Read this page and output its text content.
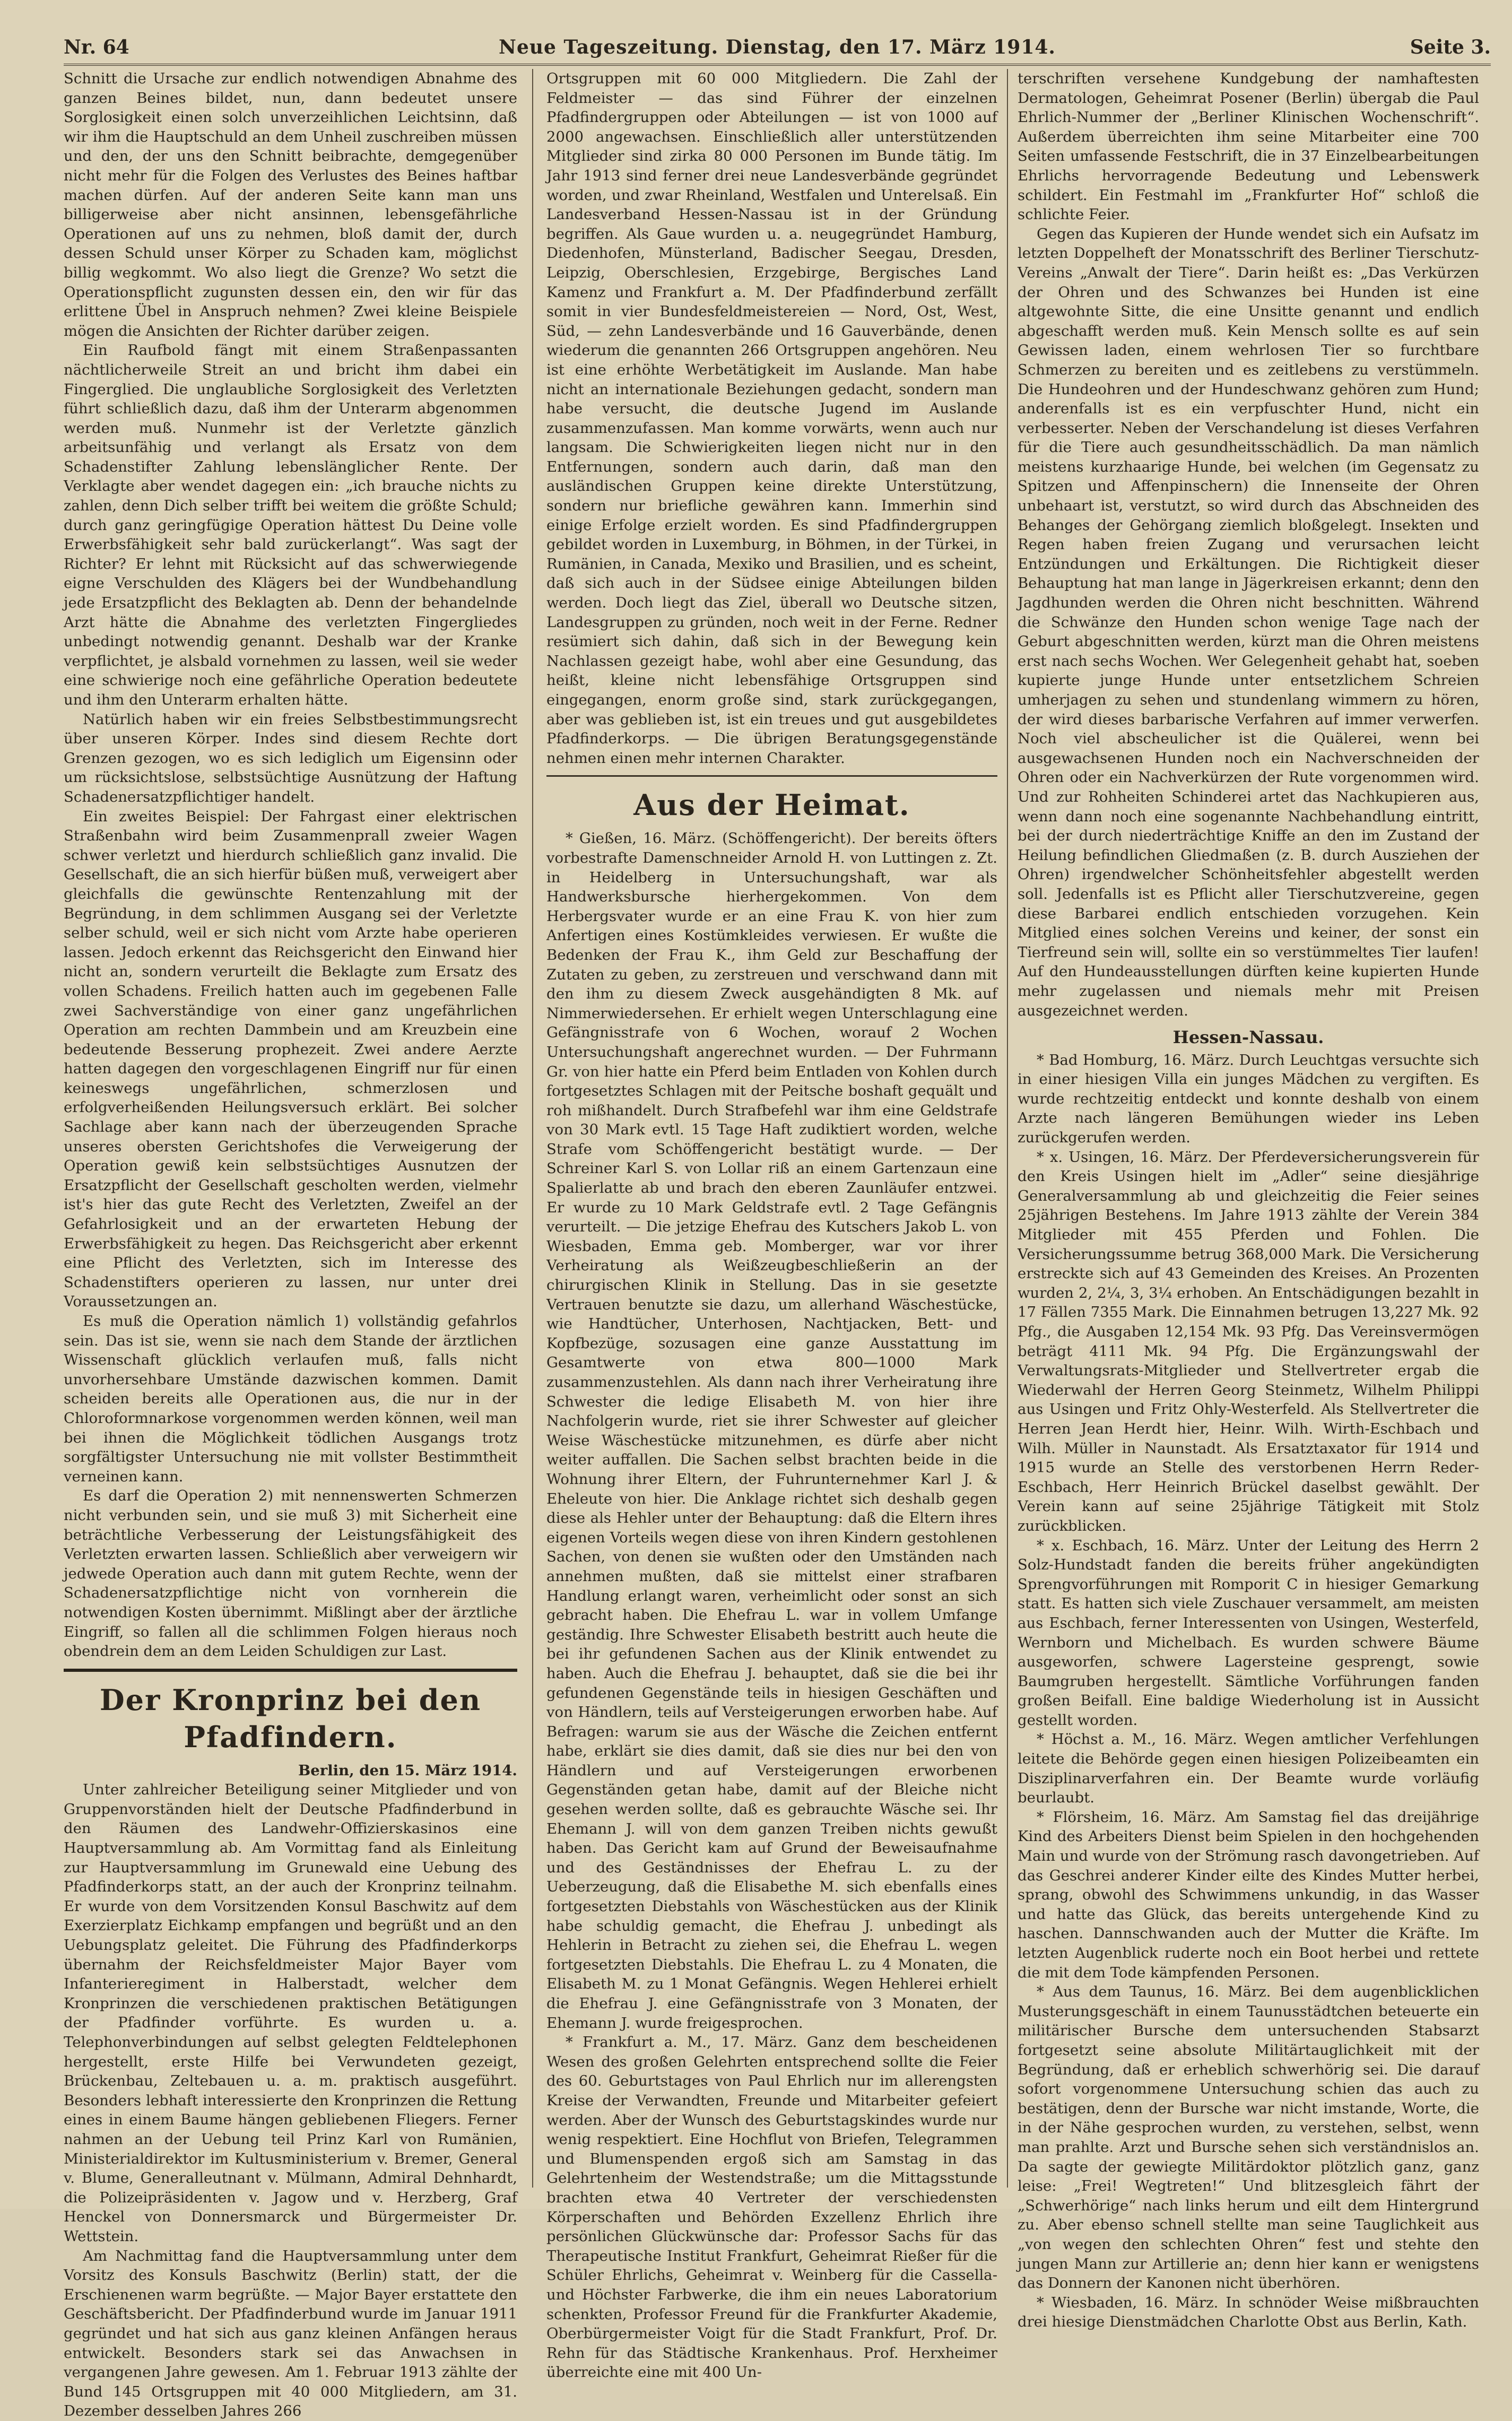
Nr. 64	Neue Tageszeitung. Dienstag, den 17. März 1914.	Seite 3.

Schnitt die Ursache zur endlich notwendigen Abnahme des ganzen Beines bildet, nun, dann bedeutet unsere Sorglosigkeit einen solch unverzeihlichen Leichtsinn, daß wir ihm die Hauptschuld an dem Unheil zuschreiben müssen und den, der uns den Schnitt beibrachte, demgegenüber nicht mehr für die Folgen des Verlustes des Beines haftbar machen dürfen. Auf der anderen Seite kann man uns billigerweise aber nicht ansinnen, lebensgefährliche Operationen auf uns zu nehmen, bloß damit der, durch dessen Schuld unser Körper zu Schaden kam, möglichst billig wegkommt. Wo also liegt die Grenze? Wo setzt die Operationspflicht zugunsten dessen ein, den wir für das erlittene Übel in Anspruch nehmen? Zwei kleine Beispiele mögen die Ansichten der Richter darüber zeigen.

Ein Raufbold fängt mit einem Straßenpassanten nächtlicherweile Streit an und bricht ihm dabei ein Fingerglied. Die unglaubliche Sorglosigkeit des Verletzten führt schließlich dazu, daß ihm der Unterarm abgenommen werden muß. Nunmehr ist der Verletzte gänzlich arbeitsunfähig und verlangt als Ersatz von dem Schadenstifter Zahlung lebenslänglicher Rente. Der Verklagte aber wendet dagegen ein: „ich brauche nichts zu zahlen, denn Dich selber trifft bei weitem die größte Schuld; durch ganz geringfügige Operation hättest Du Deine volle Erwerbsfähigkeit sehr bald zurückerlangt“. Was sagt der Richter? Er lehnt mit Rücksicht auf das schwerwiegende eigne Verschulden des Klägers bei der Wundbehandlung jede Ersatzpflicht des Beklagten ab. Denn der behandelnde Arzt hätte die Abnahme des verletzten Fingergliedes unbedingt notwendig genannt. Deshalb war der Kranke verpflichtet, je alsbald vornehmen zu lassen, weil sie weder eine schwierige noch eine gefährliche Operation bedeutete und ihm den Unterarm erhalten hätte.

Natürlich haben wir ein freies Selbstbestimmungsrecht über unseren Körper. Indes sind diesem Rechte dort Grenzen gezogen, wo es sich lediglich um Eigensinn oder um rücksichtslose, selbstsüchtige Ausnützung der Haftung Schadenersatzpflichtiger handelt.

Ein zweites Beispiel: Der Fahrgast einer elektrischen Straßenbahn wird beim Zusammenprall zweier Wagen schwer verletzt und hierdurch schließlich ganz invalid. Die Gesellschaft, die an sich hierfür büßen muß, verweigert aber gleichfalls die gewünschte Rentenzahlung mit der Begründung, in dem schlimmen Ausgang sei der Verletzte selber schuld, weil er sich nicht vom Arzte habe operieren lassen. Jedoch erkennt das Reichsgericht den Einwand hier nicht an, sondern verurteilt die Beklagte zum Ersatz des vollen Schadens. Freilich hatten auch im gegebenen Falle zwei Sachverständige von einer ganz ungefährlichen Operation am rechten Dammbein und am Kreuzbein eine bedeutende Besserung prophezeit. Zwei andere Aerzte hatten dagegen den vorgeschlagenen Eingriff nur für einen keineswegs ungefährlichen, schmerzlosen und erfolgverheißenden Heilungsversuch erklärt. Bei solcher Sachlage aber kann nach der überzeugenden Sprache unseres obersten Gerichtshofes die Verweigerung der Operation gewiß kein selbstsüchtiges Ausnutzen der Ersatzpflicht der Gesellschaft gescholten werden, vielmehr ist's hier das gute Recht des Verletzten, Zweifel an der Gefahrlosigkeit und an der erwarteten Hebung der Erwerbsfähigkeit zu hegen. Das Reichsgericht aber erkennt eine Pflicht des Verletzten, sich im Interesse des Schadenstifters operieren zu lassen, nur unter drei Voraussetzungen an.

Es muß die Operation nämlich 1) vollständig gefahrlos sein. Das ist sie, wenn sie nach dem Stande der ärztlichen Wissenschaft glücklich verlaufen muß, falls nicht unvorhersehbare Umstände dazwischen kommen. Damit scheiden bereits alle Operationen aus, die nur in der Chloroformnarkose vorgenommen werden können, weil man bei ihnen die Möglichkeit tödlichen Ausgangs trotz sorgfältigster Untersuchung nie mit vollster Bestimmtheit verneinen kann.

Es darf die Operation 2) mit nennenswerten Schmerzen nicht verbunden sein, und sie muß 3) mit Sicherheit eine beträchtliche Verbesserung der Leistungsfähigkeit des Verletzten erwarten lassen. Schließlich aber verweigern wir jedwede Operation auch dann mit gutem Rechte, wenn der Schadenersatzpflichtige nicht von vornherein die notwendigen Kosten übernimmt. Mißlingt aber der ärztliche Eingriff, so fallen all die schlimmen Folgen hieraus noch obendrein dem an dem Leiden Schuldigen zur Last.

Der Kronprinz bei den Pfadfindern.

Berlin, den 15. März 1914.

Unter zahlreicher Beteiligung seiner Mitglieder und von Gruppenvorständen hielt der Deutsche Pfadfinderbund in den Räumen des Landwehr-Offizierskasinos eine Hauptversammlung ab. Am Vormittag fand als Einleitung zur Hauptversammlung im Grunewald eine Uebung des Pfadfinderkorps statt, an der auch der Kronprinz teilnahm. Er wurde von dem Vorsitzenden Konsul Baschwitz auf dem Exerzierplatz Eichkamp empfangen und begrüßt und an den Uebungsplatz geleitet. Die Führung des Pfadfinderkorps übernahm der Reichsfeldmeister Major Bayer vom Infanterieregiment in Halberstadt, welcher dem Kronprinzen die verschiedenen praktischen Betätigungen der Pfadfinder vorführte. Es wurden u. a. Telephonverbindungen auf selbst gelegten Feldtelephonen hergestellt, erste Hilfe bei Verwundeten gezeigt, Brückenbau, Zeltebauen u. a. m. praktisch ausgeführt. Besonders lebhaft interessierte den Kronprinzen die Rettung eines in einem Baume hängen gebliebenen Fliegers. Ferner nahmen an der Uebung teil Prinz Karl von Rumänien, Ministerialdirektor im Kultusministerium v. Bremer, General v. Blume, Generalleutnant v. Mülmann, Admiral Dehnhardt, die Polizeipräsidenten v. Jagow und v. Herzberg, Graf Henckel von Donnersmarck und Bürgermeister Dr. Wettstein.

Am Nachmittag fand die Hauptversammlung unter dem Vorsitz des Konsuls Baschwitz (Berlin) statt, der die Erschienenen warm begrüßte. — Major Bayer erstattete den Geschäftsbericht. Der Pfadfinderbund wurde im Januar 1911 gegründet und hat sich aus ganz kleinen Anfängen heraus entwickelt. Besonders stark sei das Anwachsen in vergangenen Jahre gewesen. Am 1. Februar 1913 zählte der Bund 145 Ortsgruppen mit 40 000 Mitgliedern, am 31. Dezember desselben Jahres 266

Ortsgruppen mit 60 000 Mitgliedern. Die Zahl der Feldmeister — das sind Führer der einzelnen Pfadfindergruppen oder Abteilungen — ist von 1000 auf 2000 angewachsen. Einschließlich aller unterstützenden Mitglieder sind zirka 80 000 Personen im Bunde tätig. Im Jahr 1913 sind ferner drei neue Landesverbände gegründet worden, und zwar Rheinland, Westfalen und Unterelsaß. Ein Landesverband Hessen-Nassau ist in der Gründung begriffen. Als Gaue wurden u. a. neugegründet Hamburg, Diedenhofen, Münsterland, Badischer Seegau, Dresden, Leipzig, Oberschlesien, Erzgebirge, Bergisches Land Kamenz und Frankfurt a. M. Der Pfadfinderbund zerfällt somit in vier Bundesfeldmeistereien — Nord, Ost, West, Süd, — zehn Landesverbände und 16 Gauverbände, denen wiederum die genannten 266 Ortsgruppen angehören. Neu ist eine erhöhte Werbetätigkeit im Auslande. Man habe nicht an internationale Beziehungen gedacht, sondern man habe versucht, die deutsche Jugend im Auslande zusammenzufassen. Man komme vorwärts, wenn auch nur langsam. Die Schwierigkeiten liegen nicht nur in den Entfernungen, sondern auch darin, daß man den ausländischen Gruppen keine direkte Unterstützung, sondern nur briefliche gewähren kann. Immerhin sind einige Erfolge erzielt worden. Es sind Pfadfindergruppen gebildet worden in Luxemburg, in Böhmen, in der Türkei, in Rumänien, in Canada, Mexiko und Brasilien, und es scheint, daß sich auch in der Südsee einige Abteilungen bilden werden. Doch liegt das Ziel, überall wo Deutsche sitzen, Landesgruppen zu gründen, noch weit in der Ferne. Redner resümiert sich dahin, daß sich in der Bewegung kein Nachlassen gezeigt habe, wohl aber eine Gesundung, das heißt, kleine nicht lebensfähige Ortsgruppen sind eingegangen, enorm große sind, stark zurückgegangen, aber was geblieben ist, ist ein treues und gut ausgebildetes Pfadfinderkorps. — Die übrigen Beratungsgegenstände nehmen einen mehr internen Charakter.

Aus der Heimat.

* Gießen, 16. März. (Schöffengericht). Der bereits öfters vorbestrafte Damenschneider Arnold H. von Luttingen z. Zt. in Heidelberg in Untersuchungshaft, war als Handwerksbursche hierhergekommen. Von dem Herbergsvater wurde er an eine Frau K. von hier zum Anfertigen eines Kostümkleides verwiesen. Er wußte die Bedenken der Frau K., ihm Geld zur Beschaffung der Zutaten zu geben, zu zerstreuen und verschwand dann mit den ihm zu diesem Zweck ausgehändigten 8 Mk. auf Nimmerwiedersehen. Er erhielt wegen Unterschlagung eine Gefängnisstrafe von 6 Wochen, worauf 2 Wochen Untersuchungshaft angerechnet wurden. — Der Fuhrmann Gr. von hier hatte ein Pferd beim Entladen von Kohlen durch fortgesetztes Schlagen mit der Peitsche boshaft gequält und roh mißhandelt. Durch Strafbefehl war ihm eine Geldstrafe von 30 Mark evtl. 15 Tage Haft zudiktiert worden, welche Strafe vom Schöffengericht bestätigt wurde. — Der Schreiner Karl S. von Lollar riß an einem Gartenzaun eine Spalierlatte ab und brach den eberen Zaunläufer entzwei. Er wurde zu 10 Mark Geldstrafe evtl. 2 Tage Gefängnis verurteilt. — Die jetzige Ehefrau des Kutschers Jakob L. von Wiesbaden, Emma geb. Momberger, war vor ihrer Verheiratung als Weißzeugbeschließerin an der chirurgischen Klinik in Stellung. Das in sie gesetzte Vertrauen benutzte sie dazu, um allerhand Wäschestücke, wie Handtücher, Unterhosen, Nachtjacken, Bett- und Kopfbezüge, sozusagen eine ganze Ausstattung im Gesamtwerte von etwa 800—1000 Mark zusammenzustehlen. Als dann nach ihrer Verheiratung ihre Schwester die ledige Elisabeth M. von hier ihre Nachfolgerin wurde, riet sie ihrer Schwester auf gleicher Weise Wäschestücke mitzunehmen, es dürfe aber nicht weiter auffallen. Die Sachen selbst brachten beide in die Wohnung ihrer Eltern, der Fuhrunternehmer Karl J. & Eheleute von hier. Die Anklage richtet sich deshalb gegen diese als Hehler unter der Behauptung: daß die Eltern ihres eigenen Vorteils wegen diese von ihren Kindern gestohlenen Sachen, von denen sie wußten oder den Umständen nach annehmen mußten, daß sie mittelst einer strafbaren Handlung erlangt waren, verheimlicht oder sonst an sich gebracht haben. Die Ehefrau L. war in vollem Umfange geständig. Ihre Schwester Elisabeth bestritt auch heute die bei ihr gefundenen Sachen aus der Klinik entwendet zu haben. Auch die Ehefrau J. behauptet, daß sie die bei ihr gefundenen Gegenstände teils in hiesigen Geschäften und von Händlern, teils auf Versteigerungen erworben habe. Auf Befragen: warum sie aus der Wäsche die Zeichen entfernt habe, erklärt sie dies damit, daß sie dies nur bei den von Händlern und auf Versteigerungen erworbenen Gegenständen getan habe, damit auf der Bleiche nicht gesehen werden sollte, daß es gebrauchte Wäsche sei. Ihr Ehemann J. will von dem ganzen Treiben nichts gewußt haben. Das Gericht kam auf Grund der Beweisaufnahme und des Geständnisses der Ehefrau L. zu der Ueberzeugung, daß die Elisabethe M. sich ebenfalls eines fortgesetzten Diebstahls von Wäschestücken aus der Klinik habe schuldig gemacht, die Ehefrau J. unbedingt als Hehlerin in Betracht zu ziehen sei, die Ehefrau L. wegen fortgesetzten Diebstahls. Die Ehefrau L. zu 4 Monaten, die Elisabeth M. zu 1 Monat Gefängnis. Wegen Hehlerei erhielt die Ehefrau J. eine Gefängnisstrafe von 3 Monaten, der Ehemann J. wurde freigesprochen.

* Frankfurt a. M., 17. März. Ganz dem bescheidenen Wesen des großen Gelehrten entsprechend sollte die Feier des 60. Geburtstages von Paul Ehrlich nur im allerengsten Kreise der Verwandten, Freunde und Mitarbeiter gefeiert werden. Aber der Wunsch des Geburtstagskindes wurde nur wenig respektiert. Eine Hochflut von Briefen, Telegrammen und Blumenspenden ergoß sich am Samstag in das Gelehrtenheim der Westendstraße; um die Mittagsstunde brachten etwa 40 Vertreter der verschiedensten Körperschaften und Behörden Exzellenz Ehrlich ihre persönlichen Glückwünsche dar: Professor Sachs für das Therapeutische Institut Frankfurt, Geheimrat Rießer für die Schüler Ehrlichs, Geheimrat v. Weinberg für die Cassella- und Höchster Farbwerke, die ihm ein neues Laboratorium schenkten, Professor Freund für die Frankfurter Akademie, Oberbürgermeister Voigt für die Stadt Frankfurt, Prof. Dr. Rehn für das Städtische Krankenhaus. Prof. Herxheimer überreichte eine mit 400 Un-

terschriften versehene Kundgebung der namhaftesten Dermatologen, Geheimrat Posener (Berlin) übergab die Paul Ehrlich-Nummer der „Berliner Klinischen Wochenschrift“. Außerdem überreichten ihm seine Mitarbeiter eine 700 Seiten umfassende Festschrift, die in 37 Einzelbearbeitungen Ehrlichs hervorragende Bedeutung und Lebenswerk schildert. Ein Festmahl im „Frankfurter Hof“ schloß die schlichte Feier.

Gegen das Kupieren der Hunde wendet sich ein Aufsatz im letzten Doppelheft der Monatsschrift des Berliner Tierschutz-Vereins „Anwalt der Tiere“. Darin heißt es: „Das Verkürzen der Ohren und des Schwanzes bei Hunden ist eine altgewohnte Sitte, die eine Unsitte genannt und endlich abgeschafft werden muß. Kein Mensch sollte es auf sein Gewissen laden, einem wehrlosen Tier so furchtbare Schmerzen zu bereiten und es zeitlebens zu verstümmeln. Die Hundeohren und der Hundeschwanz gehören zum Hund; anderenfalls ist es ein verpfuschter Hund, nicht ein verbesserter. Neben der Verschandelung ist dieses Verfahren für die Tiere auch gesundheitsschädlich. Da man nämlich meistens kurzhaarige Hunde, bei welchen (im Gegensatz zu Spitzen und Affenpinschern) die Innenseite der Ohren unbehaart ist, verstutzt, so wird durch das Abschneiden des Behanges der Gehörgang ziemlich bloßgelegt. Insekten und Regen haben freien Zugang und verursachen leicht Entzündungen und Erkältungen. Die Richtigkeit dieser Behauptung hat man lange in Jägerkreisen erkannt; denn den Jagdhunden werden die Ohren nicht beschnitten. Während die Schwänze den Hunden schon wenige Tage nach der Geburt abgeschnitten werden, kürzt man die Ohren meistens erst nach sechs Wochen. Wer Gelegenheit gehabt hat, soeben kupierte junge Hunde unter entsetzlichem Schreien umherjagen zu sehen und stundenlang wimmern zu hören, der wird dieses barbarische Verfahren auf immer verwerfen. Noch viel abscheulicher ist die Quälerei, wenn bei ausgewachsenen Hunden noch ein Nachverschneiden der Ohren oder ein Nachverkürzen der Rute vorgenommen wird. Und zur Rohheiten Schinderei artet das Nachkupieren aus, wenn dann noch eine sogenannte Nachbehandlung eintritt, bei der durch niederträchtige Kniffe an den im Zustand der Heilung befindlichen Gliedmaßen (z. B. durch Ausziehen der Ohren) irgendwelcher Schönheitsfehler abgestellt werden soll. Jedenfalls ist es Pflicht aller Tierschutzvereine, gegen diese Barbarei endlich entschieden vorzugehen. Kein Mitglied eines solchen Vereins und keiner, der sonst ein Tierfreund sein will, sollte ein so verstümmeltes Tier laufen! Auf den Hundeausstellungen dürften keine kupierten Hunde mehr zugelassen und niemals mehr mit Preisen ausgezeichnet werden.

Hessen-Nassau.

* Bad Homburg, 16. März. Durch Leuchtgas versuchte sich in einer hiesigen Villa ein junges Mädchen zu vergiften. Es wurde rechtzeitig entdeckt und konnte deshalb von einem Arzte nach längeren Bemühungen wieder ins Leben zurückgerufen werden.

* x. Usingen, 16. März. Der Pferdeversicherungsverein für den Kreis Usingen hielt im „Adler“ seine diesjährige Generalversammlung ab und gleichzeitig die Feier seines 25jährigen Bestehens. Im Jahre 1913 zählte der Verein 384 Mitglieder mit 455 Pferden und Fohlen. Die Versicherungssumme betrug 368,000 Mark. Die Versicherung erstreckte sich auf 43 Gemeinden des Kreises. An Prozenten wurden 2, 2¼, 3, 3¼ erhoben. An Entschädigungen bezahlt in 17 Fällen 7355 Mark. Die Einnahmen betrugen 13,227 Mk. 92 Pfg., die Ausgaben 12,154 Mk. 93 Pfg. Das Vereinsvermögen beträgt 4111 Mk. 94 Pfg. Die Ergänzungswahl der Verwaltungsrats-Mitglieder und Stellvertreter ergab die Wiederwahl der Herren Georg Steinmetz, Wilhelm Philippi aus Usingen und Fritz Ohly-Westerfeld. Als Stellvertreter die Herren Jean Herdt hier, Heinr. Wilh. Wirth-Eschbach und Wilh. Müller in Naunstadt. Als Ersatztaxator für 1914 und 1915 wurde an Stelle des verstorbenen Herrn Reder-Eschbach, Herr Heinrich Brückel daselbst gewählt. Der Verein kann auf seine 25jährige Tätigkeit mit Stolz zurückblicken.

* x. Eschbach, 16. März. Unter der Leitung des Herrn 2 Solz-Hundstadt fanden die bereits früher angekündigten Sprengvorführungen mit Romporit C in hiesiger Gemarkung statt. Es hatten sich viele Zuschauer versammelt, am meisten aus Eschbach, ferner Interessenten von Usingen, Westerfeld, Wernborn und Michelbach. Es wurden schwere Bäume ausgeworfen, schwere Lagersteine gesprengt, sowie Baumgruben hergestellt. Sämtliche Vorführungen fanden großen Beifall. Eine baldige Wiederholung ist in Aussicht gestellt worden.

* Höchst a. M., 16. März. Wegen amtlicher Verfehlungen leitete die Behörde gegen einen hiesigen Polizeibeamten ein Disziplinarverfahren ein. Der Beamte wurde vorläufig beurlaubt.

* Flörsheim, 16. März. Am Samstag fiel das dreijährige Kind des Arbeiters Dienst beim Spielen in den hochgehenden Main und wurde von der Strömung rasch davongetrieben. Auf das Geschrei anderer Kinder eilte des Kindes Mutter herbei, sprang, obwohl des Schwimmens unkundig, in das Wasser und hatte das Glück, das bereits untergehende Kind zu haschen. Dannschwanden auch der Mutter die Kräfte. Im letzten Augenblick ruderte noch ein Boot herbei und rettete die mit dem Tode kämpfenden Personen.

* Aus dem Taunus, 16. März. Bei dem augenblicklichen Musterungsgeschäft in einem Taunusstädtchen beteuerte ein militärischer Bursche dem untersuchenden Stabsarzt fortgesetzt seine absolute Militärtauglichkeit mit der Begründung, daß er erheblich schwerhörig sei. Die darauf sofort vorgenommene Untersuchung schien das auch zu bestätigen, denn der Bursche war nicht imstande, Worte, die in der Nähe gesprochen wurden, zu verstehen, selbst, wenn man prahlte. Arzt und Bursche sehen sich verständnislos an. Da sagte der gewiegte Militärdoktor plötzlich ganz, ganz leise: „Frei! Wegtreten!“ Und blitzesgleich fährt der „Schwerhörige“ nach links herum und eilt dem Hintergrund zu. Aber ebenso schnell stellte man seine Tauglichkeit aus „von wegen den schlechten Ohren“ fest und stehte den jungen Mann zur Artillerie an; denn hier kann er wenigstens das Donnern der Kanonen nicht überhören.

* Wiesbaden, 16. März. In schnöder Weise mißbrauchten drei hiesige Dienstmädchen Charlotte Obst aus Berlin, Kath.
